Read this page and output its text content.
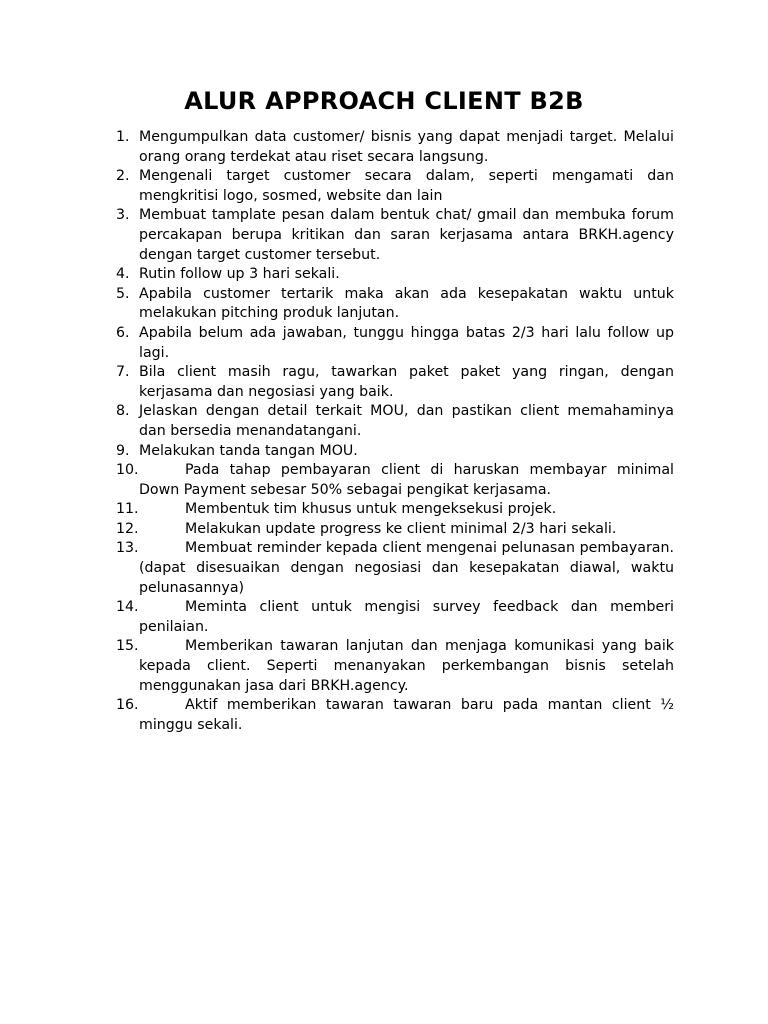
ALUR APPROACH CLIENT B2B
1. Mengumpulkan data customer/ bisnis yang dapat menjadi target. Melalui orang orang terdekat atau riset secara langsung.
2. Mengenali target customer secara dalam, seperti mengamati dan mengkritisi logo, sosmed, website dan lain
3. Membuat tamplate pesan dalam bentuk chat/ gmail dan membuka forum percakapan berupa kritikan dan saran kerjasama antara BRKH.agency dengan target customer tersebut.
4. Rutin follow up 3 hari sekali.
5. Apabila customer tertarik maka akan ada kesepakatan waktu untuk melakukan pitching produk lanjutan.
6. Apabila belum ada jawaban, tunggu hingga batas 2/3 hari lalu follow up lagi.
7. Bila client masih ragu, tawarkan paket paket yang ringan, dengan kerjasama dan negosiasi yang baik.
8. Jelaskan dengan detail terkait MOU, dan pastikan client memahaminya dan bersedia menandatangani.
9. Melakukan tanda tangan MOU.
10.	Pada tahap pembayaran client di haruskan membayar minimal Down Payment sebesar 50% sebagai pengikat kerjasama.
11.	Membentuk tim khusus untuk mengeksekusi projek.
12.	Melakukan update progress ke client minimal 2/3 hari sekali.
13.	Membuat reminder kepada client mengenai pelunasan pembayaran. (dapat disesuaikan dengan negosiasi dan kesepakatan diawal, waktu pelunasannya)
14.	Meminta client untuk mengisi survey feedback dan memberi penilaian.
15.	Memberikan tawaran lanjutan dan menjaga komunikasi yang baik kepada client. Seperti menanyakan perkembangan bisnis setelah menggunakan jasa dari BRKH.agency.
16.	Aktif memberikan tawaran tawaran baru pada mantan client ½ minggu sekali.
